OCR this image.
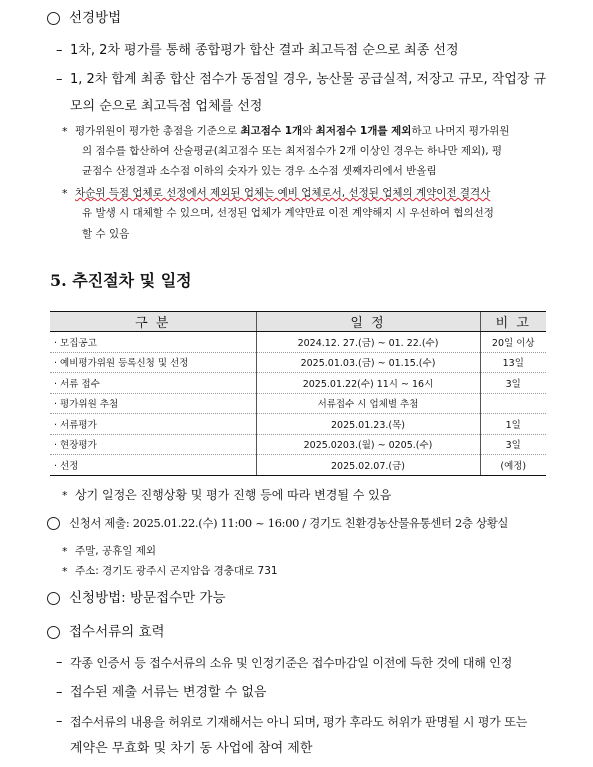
선경방법
– 1차, 2차 평가를 통해 종합평가 합산 결과 최고득점 순으로 최종 선정
– 1, 2차 합계 최종 합산 점수가 동점일 경우, 농산물 공급실적, 저장고 규모, 작업장 규
모의 순으로 최고득점 업체를 선정
* 평가위원이 평가한 총점을 기준으로 최고점수 1개와 최저점수 1개를 제외하고 나머지 평가위원
의 점수를 합산하여 산술평균(최고점수 또는 최저점수가 2개 이상인 경우는 하나만 제외), 평
균점수 산정결과 소수점 이하의 숫자가 있는 경우 소수점 셋째자리에서 반올림
* 차순위 득점 업체로 선정에서 제외된 업체는 예비 업체로서, 선정된 업체의 계약이전 결격사
유 발생 시 대체할 수 있으며, 선정된 업체가 계약만료 이전 계약해지 시 우선하여 협의선정
할 수 있음
5. 추진절차 및 일정
구 분	일 정	비 고
· 모집공고	2024.12. 27.(금) ~ 01. 22.(수)	20일 이상
· 예비평가위원 등록신청 및 선정	2025.01.03.(금) ~ 01.15.(수)	13일
· 서류 접수	2025.01.22(수) 11시 ~ 16시	3일
· 평가위원 추첨	서류접수 시 업체별 추첨	
· 서류평가	2025.01.23.(목)	1일
· 현장평가	2025.0203.(월) ~ 0205.(수)	3일
· 선정	2025.02.07.(금)	(예정)
* 상기 일정은 진행상황 및 평가 진행 등에 따라 변경될 수 있음
신청서 제출: 2025.01.22.(수) 11:00 ~ 16:00 / 경기도 친환경농산물유통센터 2층 상황실
* 주말, 공휴일 제외
* 주소: 경기도 광주시 곤지암읍 경충대로 731
신청방법: 방문접수만 가능
접수서류의 효력
– 각종 인증서 등 접수서류의 소유 및 인정기준은 접수마감일 이전에 득한 것에 대해 인정
– 접수된 제출 서류는 변경할 수 없음
– 접수서류의 내용을 허위로 기재해서는 아니 되며, 평가 후라도 허위가 판명될 시 평가 또는
계약은 무효화 및 차기 동 사업에 참여 제한
